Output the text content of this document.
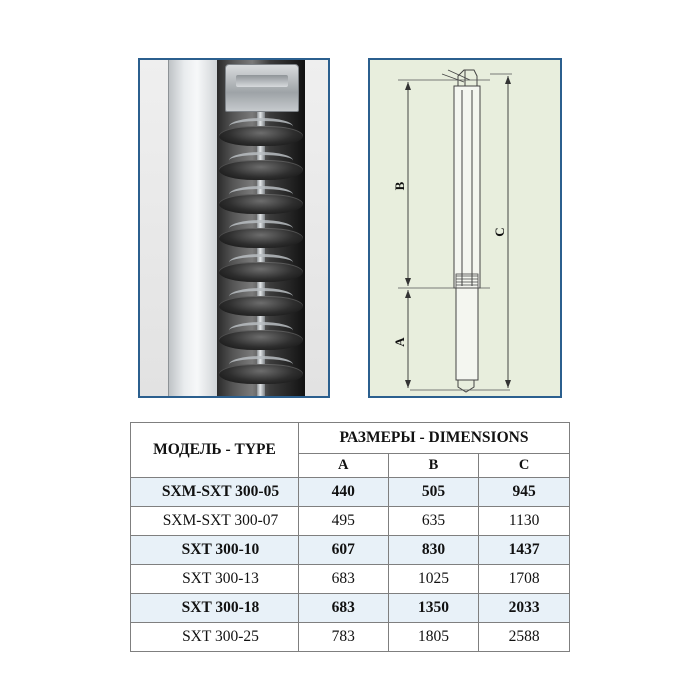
B
A
C
МОДЕЛЬ - TYPE	РАЗМЕРЫ - DIMENSIONS		
	A	B	C
SXM-SXT 300-05	440	505	945
SXM-SXT 300-07	495	635	1130
SXT 300-10	607	830	1437
SXT 300-13	683	1025	1708
SXT 300-18	683	1350	2033
SXT 300-25	783	1805	2588
